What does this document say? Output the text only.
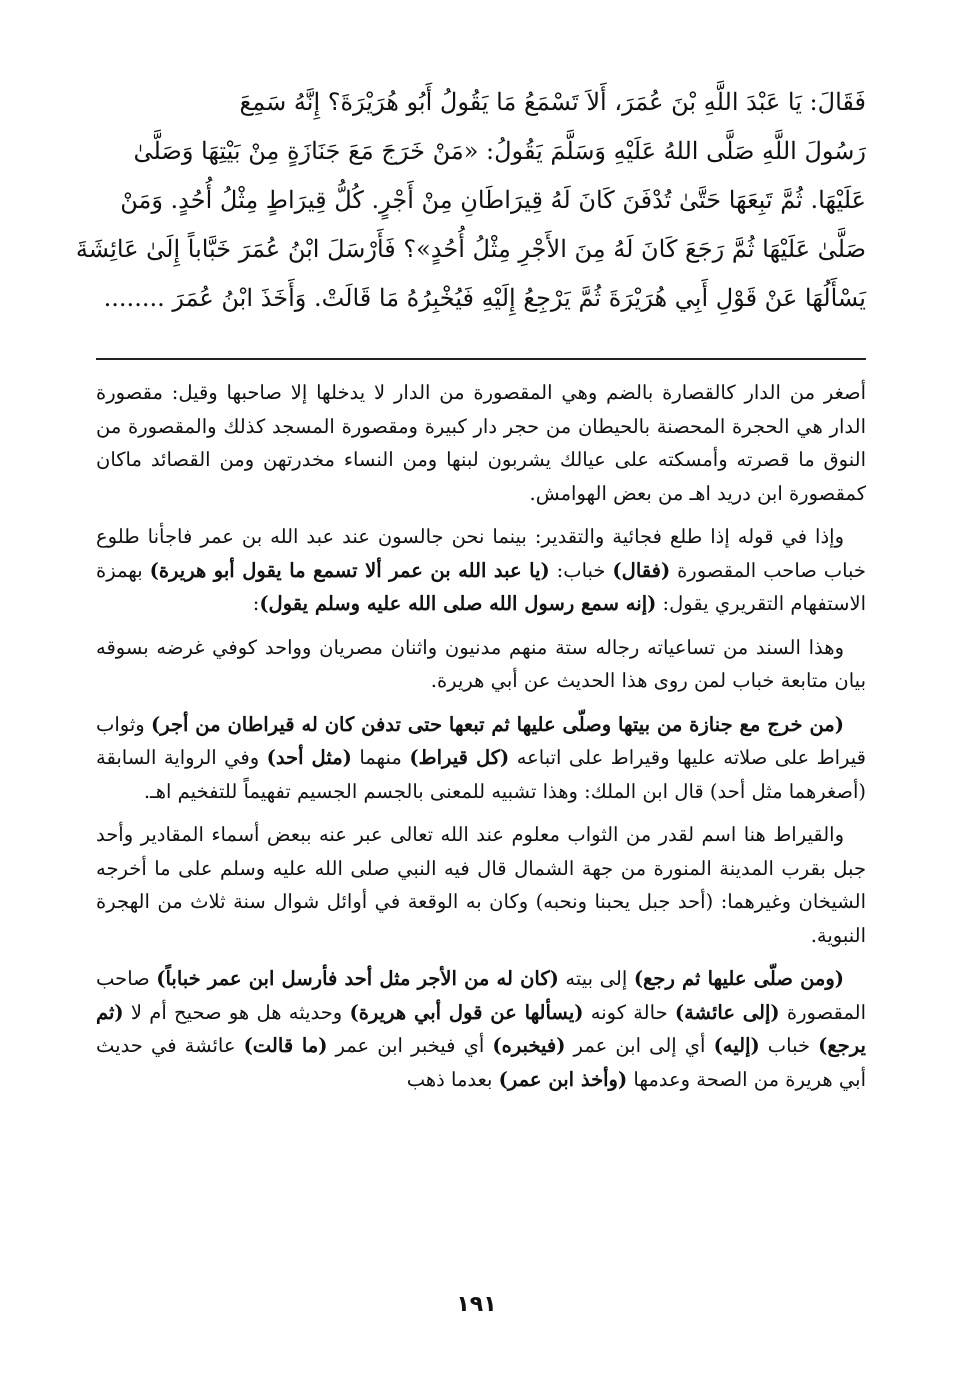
فَقَالَ: يَا عَبْدَ اللَّهِ بْنَ عُمَرَ، أَلاَ تَسْمَعُ مَا يَقُولُ أَبُو هُرَيْرَةَ؟ إِنَّهُ سَمِعَ
رَسُولَ اللَّهِ صَلَّى اللهُ عَلَيْهِ وَسَلَّمَ يَقُولُ: «مَنْ خَرَجَ مَعَ جَنَازَةٍ مِنْ بَيْتِهَا وَصَلَّىٰ
عَلَيْهَا. ثُمَّ تَبِعَهَا حَتَّىٰ تُدْفَنَ كَانَ لَهُ قِيرَاطَانِ مِنْ أَجْرٍ. كُلُّ قِيرَاطٍ مِثْلُ أُحُدٍ. وَمَنْ
صَلَّىٰ عَلَيْهَا ثُمَّ رَجَعَ كَانَ لَهُ مِنَ الأَجْرِ مِثْلُ أُحُدٍ»؟ فَأَرْسَلَ ابْنُ عُمَرَ خَبَّاباً إِلَىٰ عَائِشَةَ
يَسْأَلُهَا عَنْ قَوْلِ أَبِي هُرَيْرَةَ ثُمَّ يَرْجِعُ إِلَيْهِ فَيُخْبِرُهُ مَا قَالَتْ. وَأَخَذَ ابْنُ عُمَرَ ........

أصغر من الدار كالقصارة بالضم وهي المقصورة من الدار لا يدخلها إلا صاحبها وقيل: مقصورة الدار هي الحجرة المحصنة بالحيطان من حجر دار كبيرة ومقصورة المسجد كذلك والمقصورة من النوق ما قصرته وأمسكته على عيالك يشربون لبنها ومن النساء مخدرتهن ومن القصائد ماكان كمقصورة ابن دريد اهـ من بعض الهوامش.

وإذا في قوله إذا طلع فجائية والتقدير: بينما نحن جالسون عند عبد الله بن عمر فاجأنا طلوع خباب صاحب المقصورة (فقال) خباب: (يا عبد الله بن عمر ألا تسمع ما يقول أبو هريرة) بهمزة الاستفهام التقريري يقول: (إنه سمع رسول الله صلى الله عليه وسلم يقول):

وهذا السند من تساعياته رجاله ستة منهم مدنيون واثنان مصريان وواحد كوفي غرضه بسوقه بيان متابعة خباب لمن روى هذا الحديث عن أبي هريرة.

(من خرج مع جنازة من بيتها وصلّى عليها ثم تبعها حتى تدفن كان له قيراطان من أجر) وثواب قيراط على صلاته عليها وقيراط على اتباعه (كل قيراط) منهما (مثل أحد) وفي الرواية السابقة (أصغرهما مثل أحد) قال ابن الملك: وهذا تشبيه للمعنى بالجسم الجسيم تفهيماً للتفخيم اهـ.

والقيراط هنا اسم لقدر من الثواب معلوم عند الله تعالى عبر عنه ببعض أسماء المقادير وأحد جبل بقرب المدينة المنورة من جهة الشمال قال فيه النبي صلى الله عليه وسلم على ما أخرجه الشيخان وغيرهما: (أحد جبل يحبنا ونحبه) وكان به الوقعة في أوائل شوال سنة ثلاث من الهجرة النبوية.

(ومن صلّى عليها ثم رجع) إلى بيته (كان له من الأجر مثل أحد فأرسل ابن عمر خباباً) صاحب المقصورة (إلى عائشة) حالة كونه (يسألها عن قول أبي هريرة) وحديثه هل هو صحيح أم لا (ثم يرجع) خباب (إليه) أي إلى ابن عمر (فيخبره) أي فيخبر ابن عمر (ما قالت) عائشة في حديث أبي هريرة من الصحة وعدمها (وأخذ ابن عمر) بعدما ذهب

١٩١
